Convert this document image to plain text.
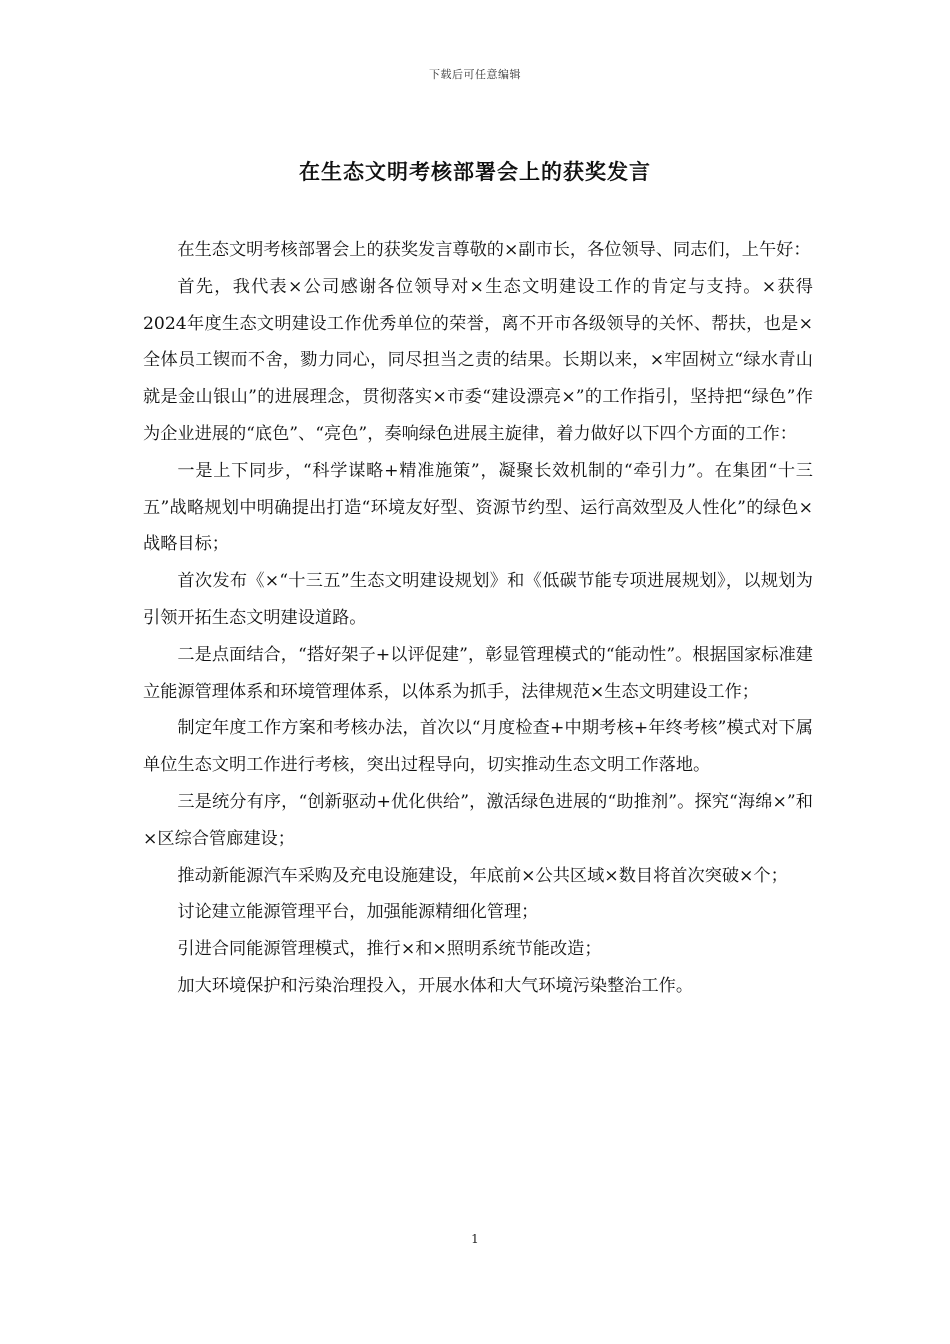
下载后可任意编辑
在生态文明考核部署会上的获奖发言

在生态文明考核部署会上的获奖发言尊敬的×副市长，各位领导、同志们，上午好：

首先，我代表×公司感谢各位领导对×生态文明建设工作的肯定与支持。×获得2024年度生态文明建设工作优秀单位的荣誉，离不开市各级领导的关怀、帮扶，也是×全体员工锲而不舍，勠力同心，同尽担当之责的结果。长期以来，×牢固树立“绿水青山就是金山银山”的进展理念，贯彻落实×市委“建设漂亮×”的工作指引，坚持把“绿色”作为企业进展的“底色”、“亮色”，奏响绿色进展主旋律，着力做好以下四个方面的工作：

一是上下同步，“科学谋略+精准施策”，凝聚长效机制的“牵引力”。在集团“十三五”战略规划中明确提出打造“环境友好型、资源节约型、运行高效型及人性化”的绿色×战略目标；

首次发布《×“十三五”生态文明建设规划》和《低碳节能专项进展规划》，以规划为引领开拓生态文明建设道路。

二是点面结合，“搭好架子+以评促建”，彰显管理模式的“能动性”。根据国家标准建立能源管理体系和环境管理体系，以体系为抓手，法律规范×生态文明建设工作；

制定年度工作方案和考核办法，首次以“月度检查+中期考核+年终考核”模式对下属单位生态文明工作进行考核，突出过程导向，切实推动生态文明工作落地。

三是统分有序，“创新驱动+优化供给”，激活绿色进展的“助推剂”。探究“海绵×”和×区综合管廊建设；

推动新能源汽车采购及充电设施建设，年底前×公共区域×数目将首次突破×个；

讨论建立能源管理平台，加强能源精细化管理；

引进合同能源管理模式，推行×和×照明系统节能改造；

加大环境保护和污染治理投入，开展水体和大气环境污染整治工作。

1
